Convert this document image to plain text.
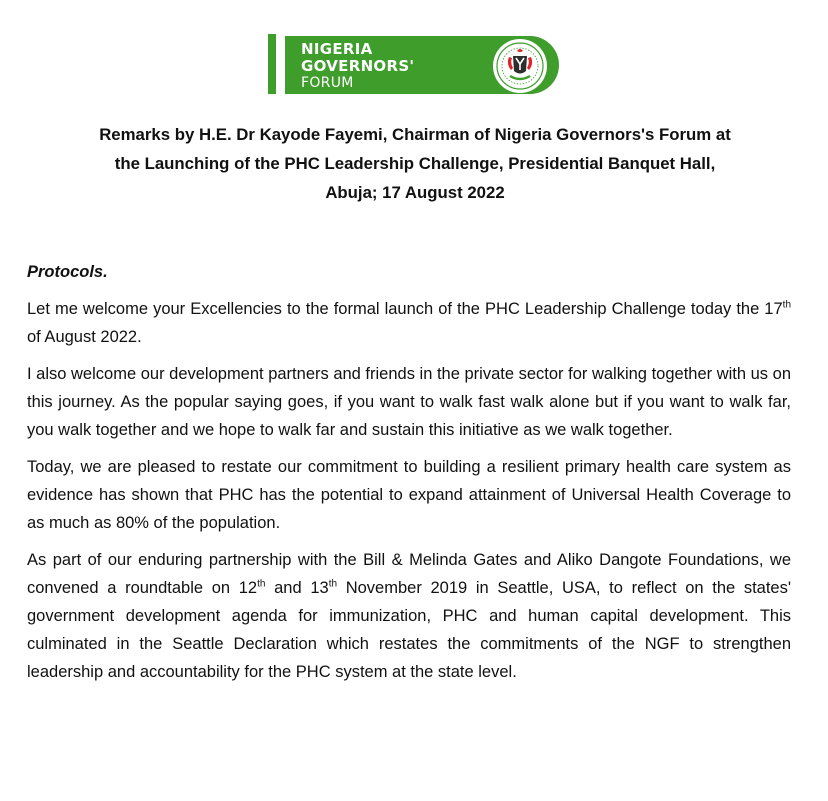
NIGERIA
GOVERNORS'
FORUM
Remarks by H.E. Dr Kayode Fayemi, Chairman of Nigeria Governors's Forum at
the Launching of the PHC Leadership Challenge, Presidential Banquet Hall,
Abuja; 17 August 2022
Protocols.
Let me welcome your Excellencies to the formal launch of the PHC Leadership Challenge today the 17th of August 2022.
I also welcome our development partners and friends in the private sector for walking together with us on this journey. As the popular saying goes, if you want to walk fast walk alone but if you want to walk far, you walk together and we hope to walk far and sustain this initiative as we walk together.
Today, we are pleased to restate our commitment to building a resilient primary health care system as evidence has shown that PHC has the potential to expand attainment of Universal Health Coverage to as much as 80% of the population.
As part of our enduring partnership with the Bill & Melinda Gates and Aliko Dangote Foundations, we convened a roundtable on 12th and 13th November 2019 in Seattle, USA, to reflect on the states' government development agenda for immunization, PHC and human capital development. This culminated in the Seattle Declaration which restates the commitments of the NGF to strengthen leadership and accountability for the PHC system at the state level.
